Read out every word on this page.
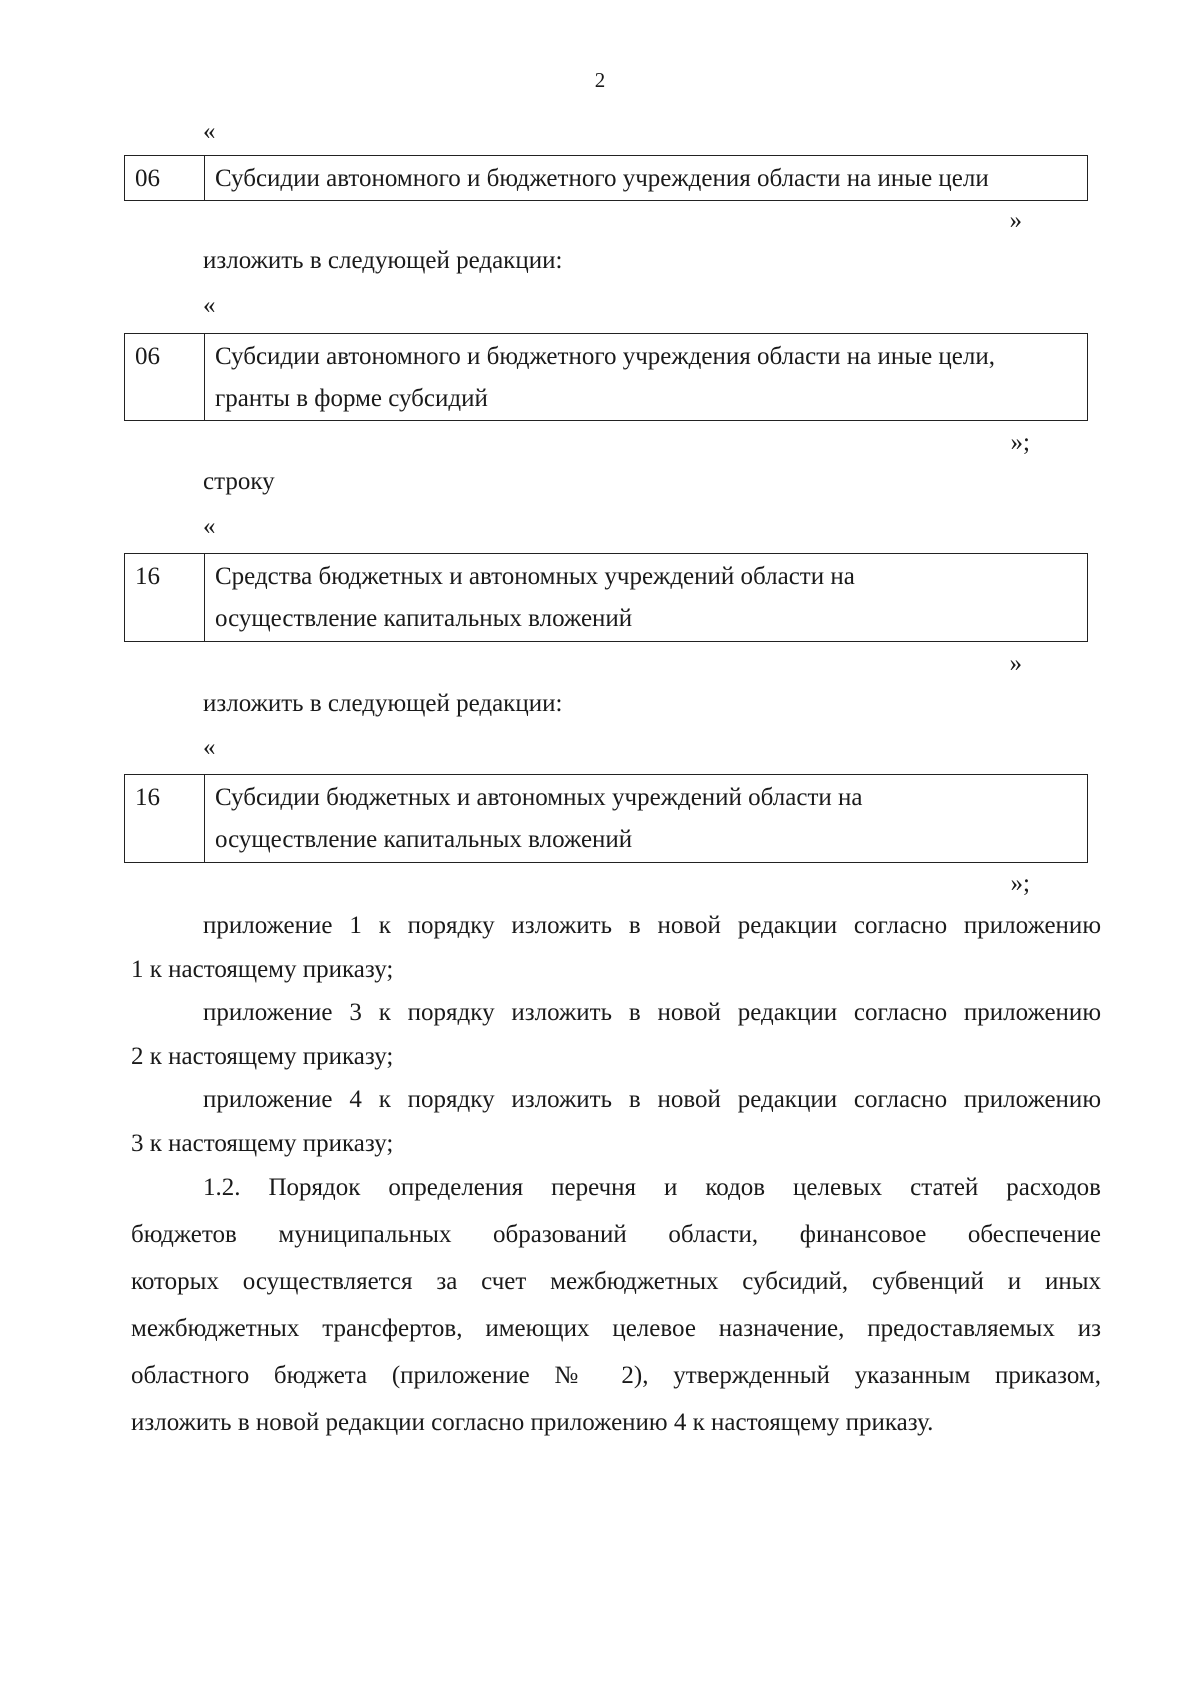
2
«
06	Субсидии автономного и бюджетного учреждения области на иные цели
»
изложить в следующей редакции:
«
06	Субсидии автономного и бюджетного учреждения области на иные цели,
гранты в форме субсидий
»;
строку
«
16	Средства бюджетных и автономных учреждений области на
осуществление капитальных вложений
»
изложить в следующей редакции:
«
16	Субсидии бюджетных и автономных учреждений области на
осуществление капитальных вложений
»;
приложение 1 к порядку изложить в новой редакции согласно приложению
1 к настоящему приказу;
приложение 3 к порядку изложить в новой редакции согласно приложению
2 к настоящему приказу;
приложение 4 к порядку изложить в новой редакции согласно приложению
3 к настоящему приказу;
1.2. Порядок определения перечня и кодов целевых статей расходов
бюджетов муниципальных образований области, финансовое обеспечение
которых осуществляется за счет межбюджетных субсидий, субвенций и иных
межбюджетных трансфертов, имеющих целевое назначение, предоставляемых из
областного бюджета (приложение № 2), утвержденный указанным приказом,
изложить в новой редакции согласно приложению 4 к настоящему приказу.
